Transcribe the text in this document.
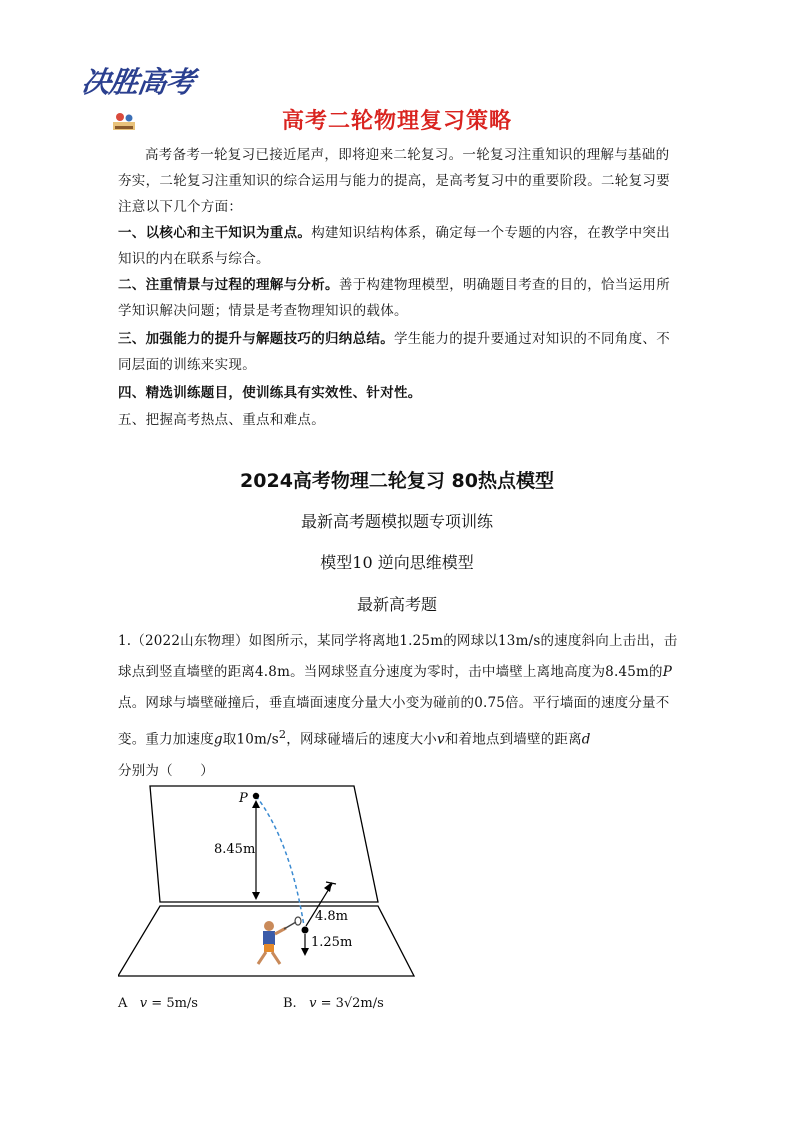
决胜高考
高考二轮物理复习策略

高考备考一轮复习已接近尾声，即将迎来二轮复习。一轮复习注重知识的理解与基础的夯实，二轮复习注重知识的综合运用与能力的提高，是高考复习中的重要阶段。二轮复习要注意以下几个方面：

一、以核心和主干知识为重点。构建知识结构体系，确定每一个专题的内容，在教学中突出知识的内在联系与综合。

二、注重情景与过程的理解与分析。善于构建物理模型，明确题目考查的目的，恰当运用所学知识解决问题；情景是考查物理知识的载体。

三、加强能力的提升与解题技巧的归纳总结。学生能力的提升要通过对知识的不同角度、不同层面的训练来实现。

四、精选训练题目，使训练具有实效性、针对性。

五、把握高考热点、重点和难点。

2024高考物理二轮复习 80热点模型
最新高考题模拟题专项训练
模型10 逆向思维模型
最新高考题

1.（2022山东物理）如图所示，某同学将离地1.25m的网球以13m/s的速度斜向上击出，击球点到竖直墙壁的距离4.8m。当网球竖直分速度为零时，击中墙壁上离地高度为8.45m的P点。网球与墙壁碰撞后，垂直墙面速度分量大小变为碰前的0.75倍。平行墙面的速度分量不变。重力加速度g取$10m/s^2$，网球碰墙后的速度大小v和着地点到墙壁的距离d分别为（　　）

P
8.45m
4.8m
1.25m
A v = 5m/s	B. v = 3√2m/s
